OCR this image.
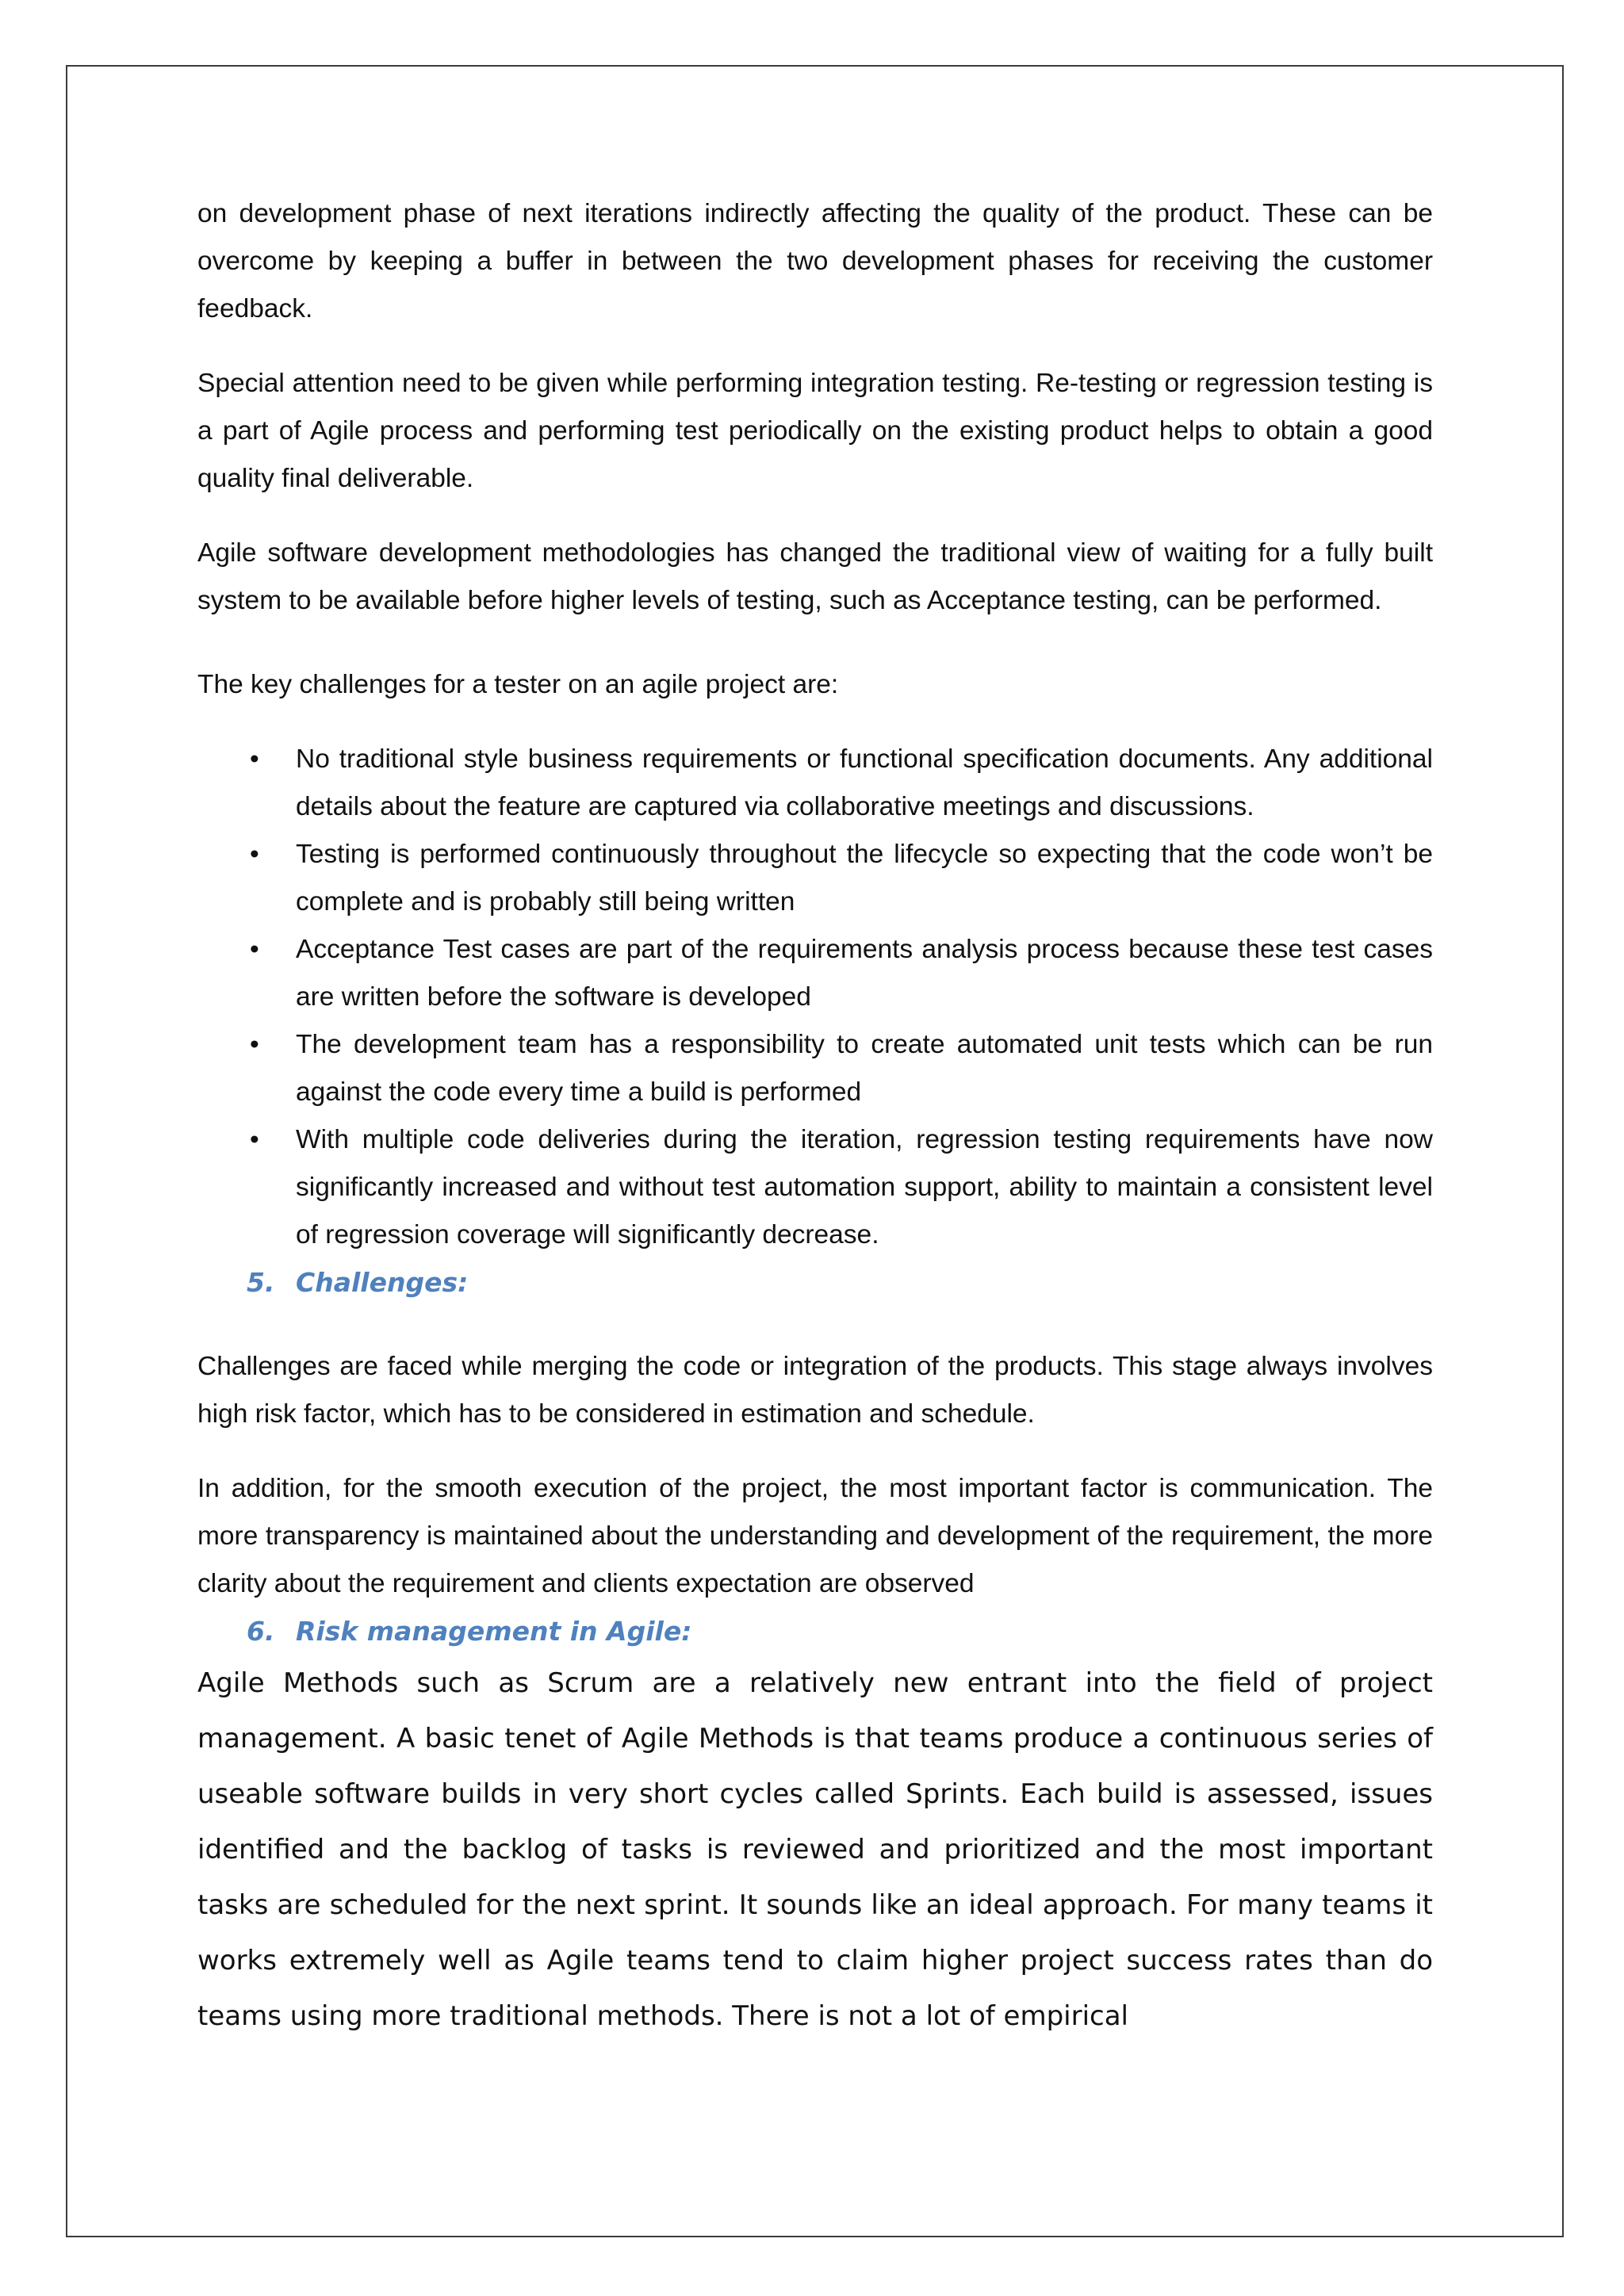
on development phase of next iterations indirectly affecting the quality of the product. These can be overcome by keeping a buffer in between the two development phases for receiving the customer feedback.

Special attention need to be given while performing integration testing. Re-testing or regression testing is a part of Agile process and performing test periodically on the existing product helps to obtain a good quality final deliverable.

Agile software development methodologies has changed the traditional view of waiting for a fully built system to be available before higher levels of testing, such as Acceptance testing, can be performed.

The key challenges for a tester on an agile project are:

• No traditional style business requirements or functional specification documents. Any additional details about the feature are captured via collaborative meetings and discussions.
• Testing is performed continuously throughout the lifecycle so expecting that the code won’t be complete and is probably still being written
• Acceptance Test cases are part of the requirements analysis process because these test cases are written before the software is developed
• The development team has a responsibility to create automated unit tests which can be run against the code every time a build is performed
• With multiple code deliveries during the iteration, regression testing requirements have now significantly increased and without test automation support, ability to maintain a consistent level of regression coverage will significantly decrease.
5. Challenges:

Challenges are faced while merging the code or integration of the products. This stage always involves high risk factor, which has to be considered in estimation and schedule.

In addition, for the smooth execution of the project, the most important factor is communication. The more transparency is maintained about the understanding and development of the requirement, the more clarity about the requirement and clients expectation are observed

6. Risk management in Agile:

Agile Methods such as Scrum are a relatively new entrant into the field of project management. A basic tenet of Agile Methods is that teams produce a continuous series of useable software builds in very short cycles called Sprints. Each build is assessed, issues identified and the backlog of tasks is reviewed and prioritized and the most important tasks are scheduled for the next sprint. It sounds like an ideal approach. For many teams it works extremely well as Agile teams tend to claim higher project success rates than do teams using more traditional methods. There is not a lot of empirical
